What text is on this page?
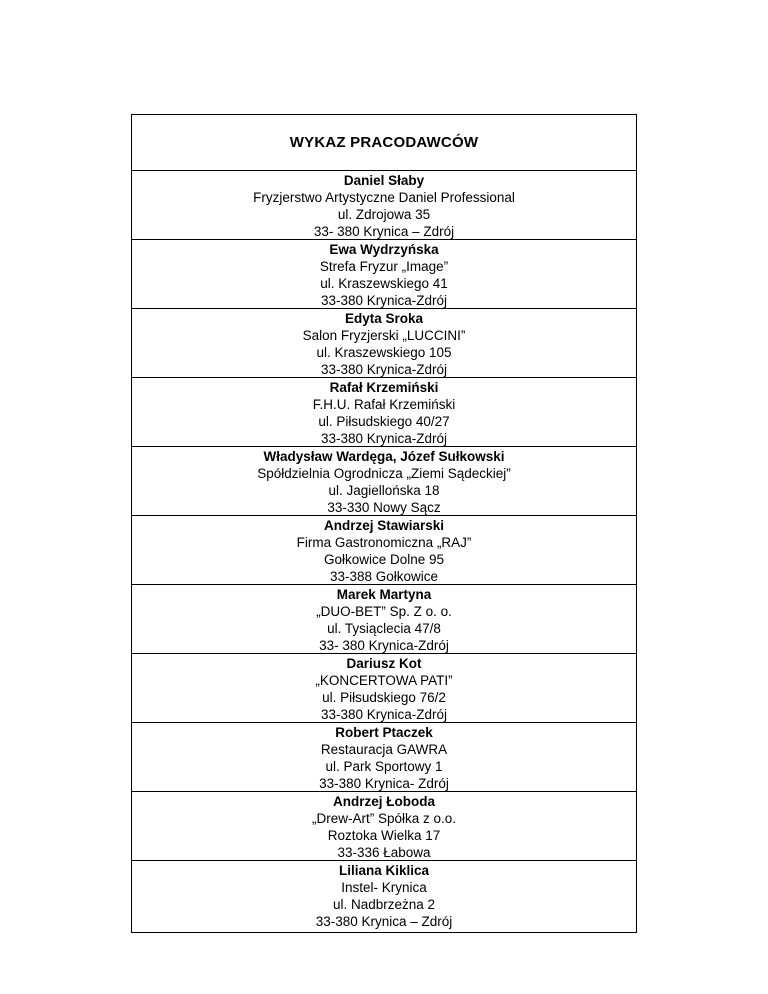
WYKAZ PRACODAWCÓW
Daniel Słaby
Fryzjerstwo Artystyczne Daniel Professional
ul. Zdrojowa 35
33- 380 Krynica – Zdrój
Ewa Wydrzyńska
Strefa Fryzur „Image”
ul. Kraszewskiego 41
33-380 Krynica-Zdrój
Edyta Sroka
Salon Fryzjerski „LUCCINI”
ul. Kraszewskiego 105
33-380 Krynica-Zdrój
Rafał Krzemiński
F.H.U. Rafał Krzemiński
ul. Piłsudskiego 40/27
33-380 Krynica-Zdrój
Władysław Wardęga, Józef Sułkowski
Spółdzielnia Ogrodnicza „Ziemi Sądeckiej”
ul. Jagiellońska 18
33-330 Nowy Sącz
Andrzej Stawiarski
Firma Gastronomiczna „RAJ”
Gołkowice Dolne 95
33-388 Gołkowice
Marek Martyna
„DUO-BET” Sp. Z o. o.
ul. Tysiąclecia 47/8
33- 380 Krynica-Zdrój
Dariusz Kot
„KONCERTOWA PATI”
ul. Piłsudskiego 76/2
33-380 Krynica-Zdrój
Robert Ptaczek
Restauracja GAWRA
ul. Park Sportowy 1
33-380 Krynica- Zdrój
Andrzej Łoboda
„Drew-Art” Spółka z o.o.
Roztoka Wielka 17
33-336 Łabowa
Liliana Kiklica
Instel- Krynica
ul. Nadbrzeżna 2
33-380 Krynica – Zdrój
